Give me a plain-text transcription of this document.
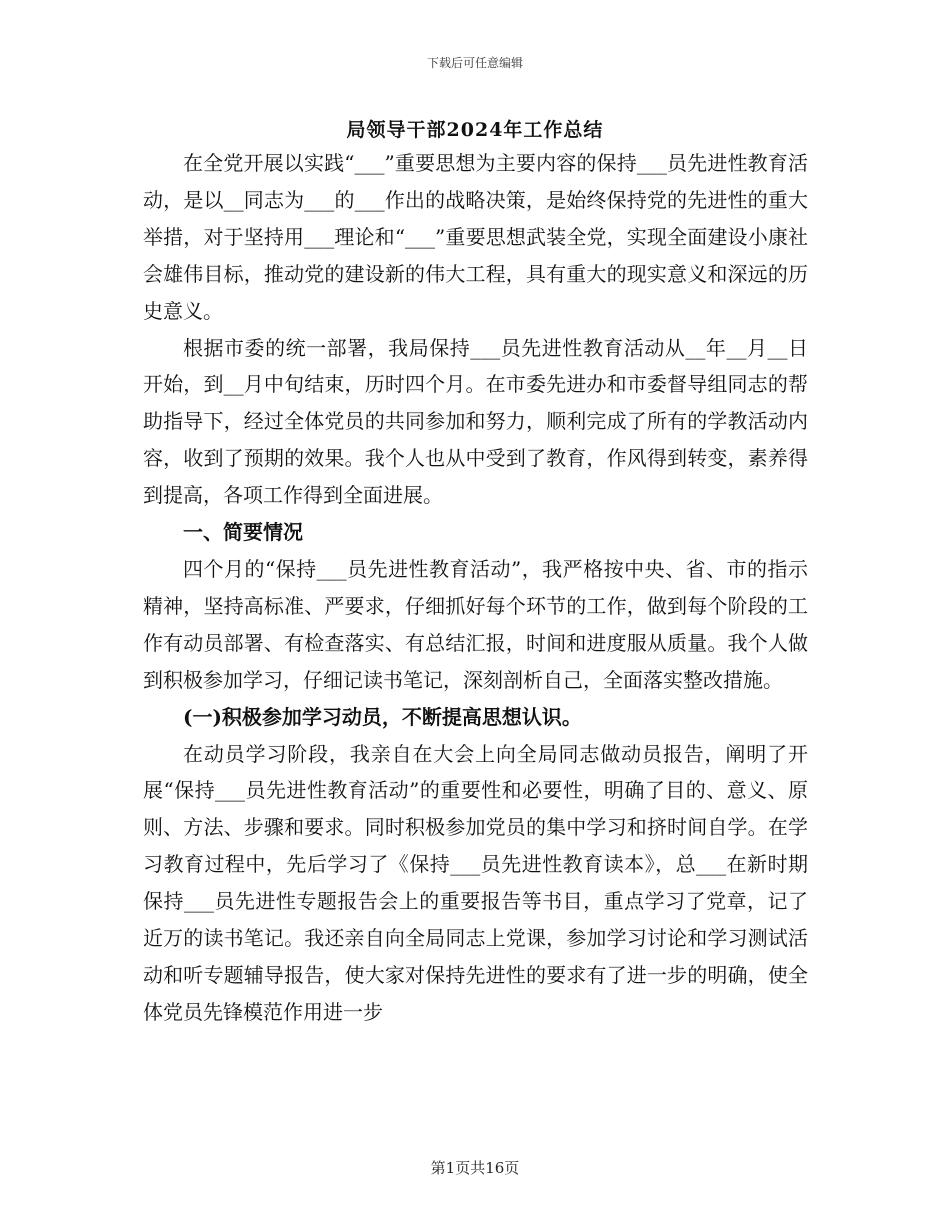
下载后可任意编辑
局领导干部2024年工作总结

在全党开展以实践“___”重要思想为主要内容的保持___员先进性教育活动，是以__同志为___的___作出的战略决策，是始终保持党的先进性的重大举措，对于坚持用___理论和“___”重要思想武装全党，实现全面建设小康社会雄伟目标，推动党的建设新的伟大工程，具有重大的现实意义和深远的历史意义。

根据市委的统一部署，我局保持___员先进性教育活动从__年__月__日开始，到__月中旬结束，历时四个月。在市委先进办和市委督导组同志的帮助指导下，经过全体党员的共同参加和努力，顺利完成了所有的学教活动内容，收到了预期的效果。我个人也从中受到了教育，作风得到转变，素养得到提高，各项工作得到全面进展。

一、简要情况

四个月的“保持___员先进性教育活动”，我严格按中央、省、市的指示精神，坚持高标准、严要求，仔细抓好每个环节的工作，做到每个阶段的工作有动员部署、有检查落实、有总结汇报，时间和进度服从质量。我个人做到积极参加学习，仔细记读书笔记，深刻剖析自己，全面落实整改措施。

(一)积极参加学习动员，不断提高思想认识。

在动员学习阶段，我亲自在大会上向全局同志做动员报告，阐明了开展“保持___员先进性教育活动”的重要性和必要性，明确了目的、意义、原则、方法、步骤和要求。同时积极参加党员的集中学习和挤时间自学。在学习教育过程中，先后学习了《保持___员先进性教育读本》，总___在新时期保持___员先进性专题报告会上的重要报告等书目，重点学习了党章，记了近万的读书笔记。我还亲自向全局同志上党课，参加学习讨论和学习测试活动和听专题辅导报告，使大家对保持先进性的要求有了进一步的明确，使全体党员先锋模范作用进一步

第1页共16页
